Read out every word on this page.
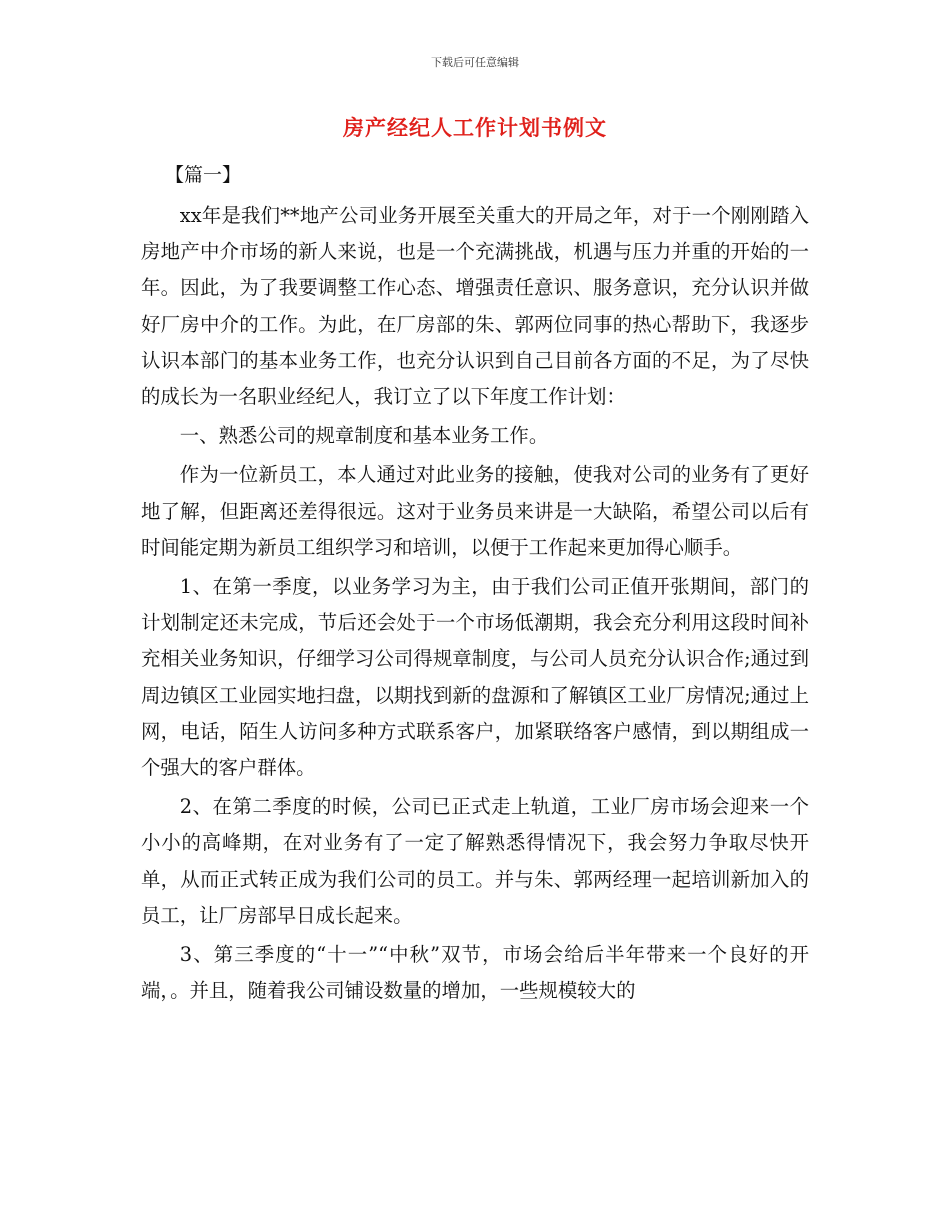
下载后可任意编辑
房产经纪人工作计划书例文
【篇一】

xx年是我们**地产公司业务开展至关重大的开局之年，对于一个刚刚踏入房地产中介市场的新人来说，也是一个充满挑战，机遇与压力并重的开始的一年。因此，为了我要调整工作心态、增强责任意识、服务意识，充分认识并做好厂房中介的工作。为此，在厂房部的朱、郭两位同事的热心帮助下，我逐步认识本部门的基本业务工作，也充分认识到自己目前各方面的不足，为了尽快的成长为一名职业经纪人，我订立了以下年度工作计划：

一、熟悉公司的规章制度和基本业务工作。

作为一位新员工，本人通过对此业务的接触，使我对公司的业务有了更好地了解，但距离还差得很远。这对于业务员来讲是一大缺陷，希望公司以后有时间能定期为新员工组织学习和培训，以便于工作起来更加得心顺手。

1、在第一季度，以业务学习为主，由于我们公司正值开张期间，部门的计划制定还未完成，节后还会处于一个市场低潮期，我会充分利用这段时间补充相关业务知识，仔细学习公司得规章制度，与公司人员充分认识合作;通过到周边镇区工业园实地扫盘，以期找到新的盘源和了解镇区工业厂房情况;通过上网，电话，陌生人访问多种方式联系客户，加紧联络客户感情，到以期组成一个强大的客户群体。

2、在第二季度的时候，公司已正式走上轨道，工业厂房市场会迎来一个小小的高峰期，在对业务有了一定了解熟悉得情况下，我会努力争取尽快开单，从而正式转正成为我们公司的员工。并与朱、郭两经理一起培训新加入的员工，让厂房部早日成长起来。

3、第三季度的“十一”“中秋”双节，市场会给后半年带来一个良好的开端，。并且，随着我公司铺设数量的增加，一些规模较大的
